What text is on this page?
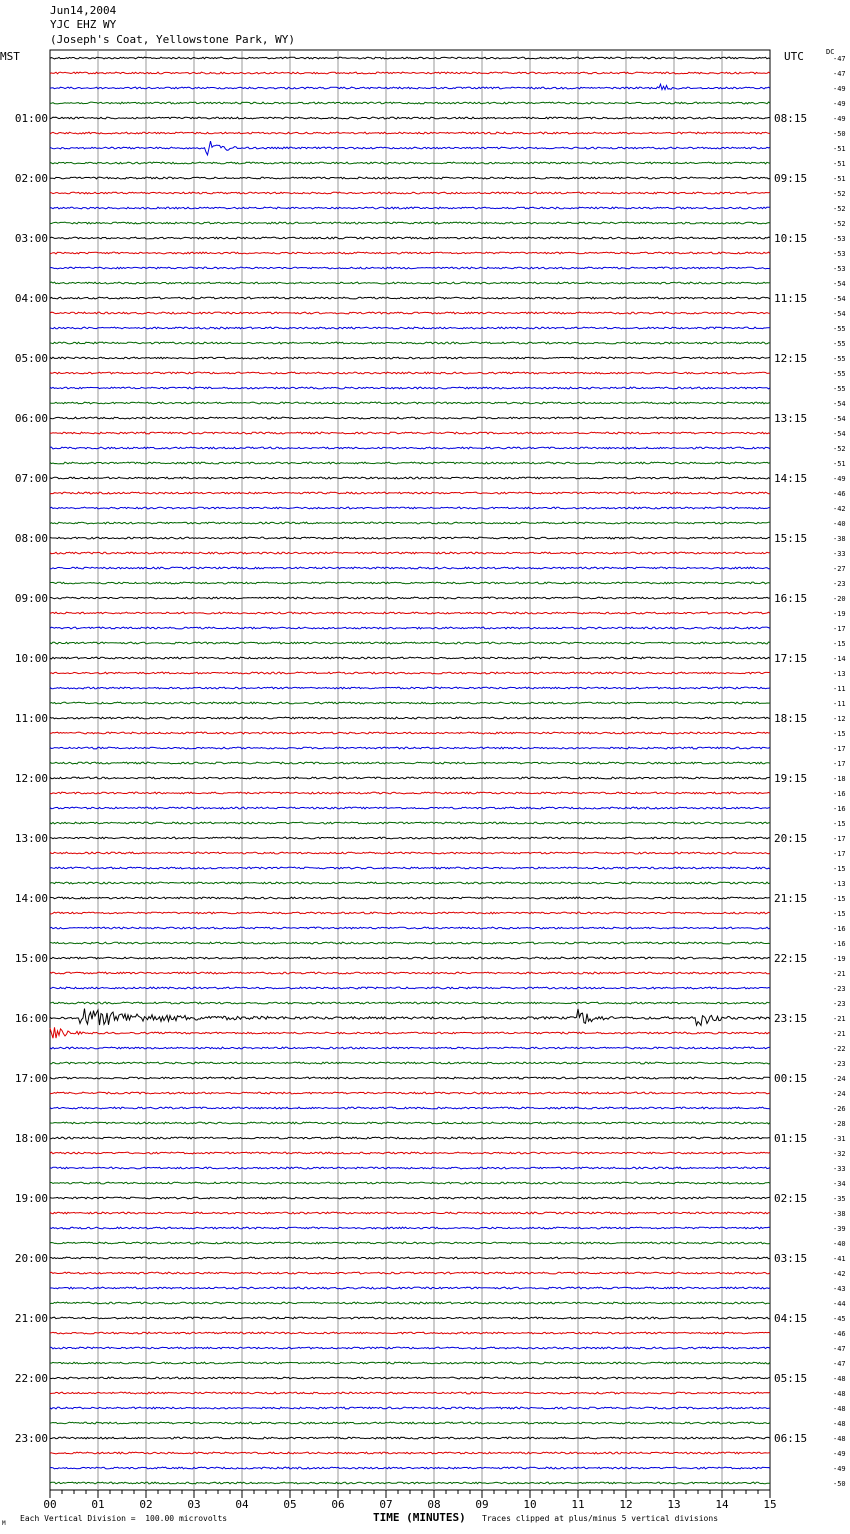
Jun14,2004
YJC EHZ WY
(Joseph's Coat, Yellowstone Park, WY)
MST	UTC	DC
00	01	02	03	04	05	06	07	08	09	10	11	12	13	14	15
-47
-47
-49
-49
-49
01:00	08:15
-50
-51
-51
-51
02:00	09:15
-52
-52
-52
-53
03:00	10:15
-53
-53
-54
-54
04:00	11:15
-54
-55
-55
-55
05:00	12:15
-55
-55
-54
-54
06:00	13:15
-54
-52
-51
-49
07:00	14:15
-46
-42
-40
-38
08:00	15:15
-33
-27
-23
-20
09:00	16:15
-19
-17
-15
-14
10:00	17:15
-13
-11
-11
-12
11:00	18:15
-15
-17
-17
-18
12:00	19:15
-16
-16
-15
-17
13:00	20:15
-17
-15
-13
-15
14:00	21:15
-15
-16
-16
-19
15:00	22:15
-21
-23
-23
-21
16:00	23:15
-21
-22
-23
-24
17:00	00:15
-24
-26
-28
-31
18:00	01:15
-32
-33
-34
-35
19:00	02:15
-38
-39
-40
-41
20:00	03:15
-42
-43
-44
-45
21:00	04:15
-46
-47
-47
-48
22:00	05:15
-48
-48
-48
-48
23:00	06:15
-49
-49
-50
M
Each Vertical Division =  100.00 microvolts	TIME (MINUTES) Traces clipped at plus/minus 5 vertical divisions
